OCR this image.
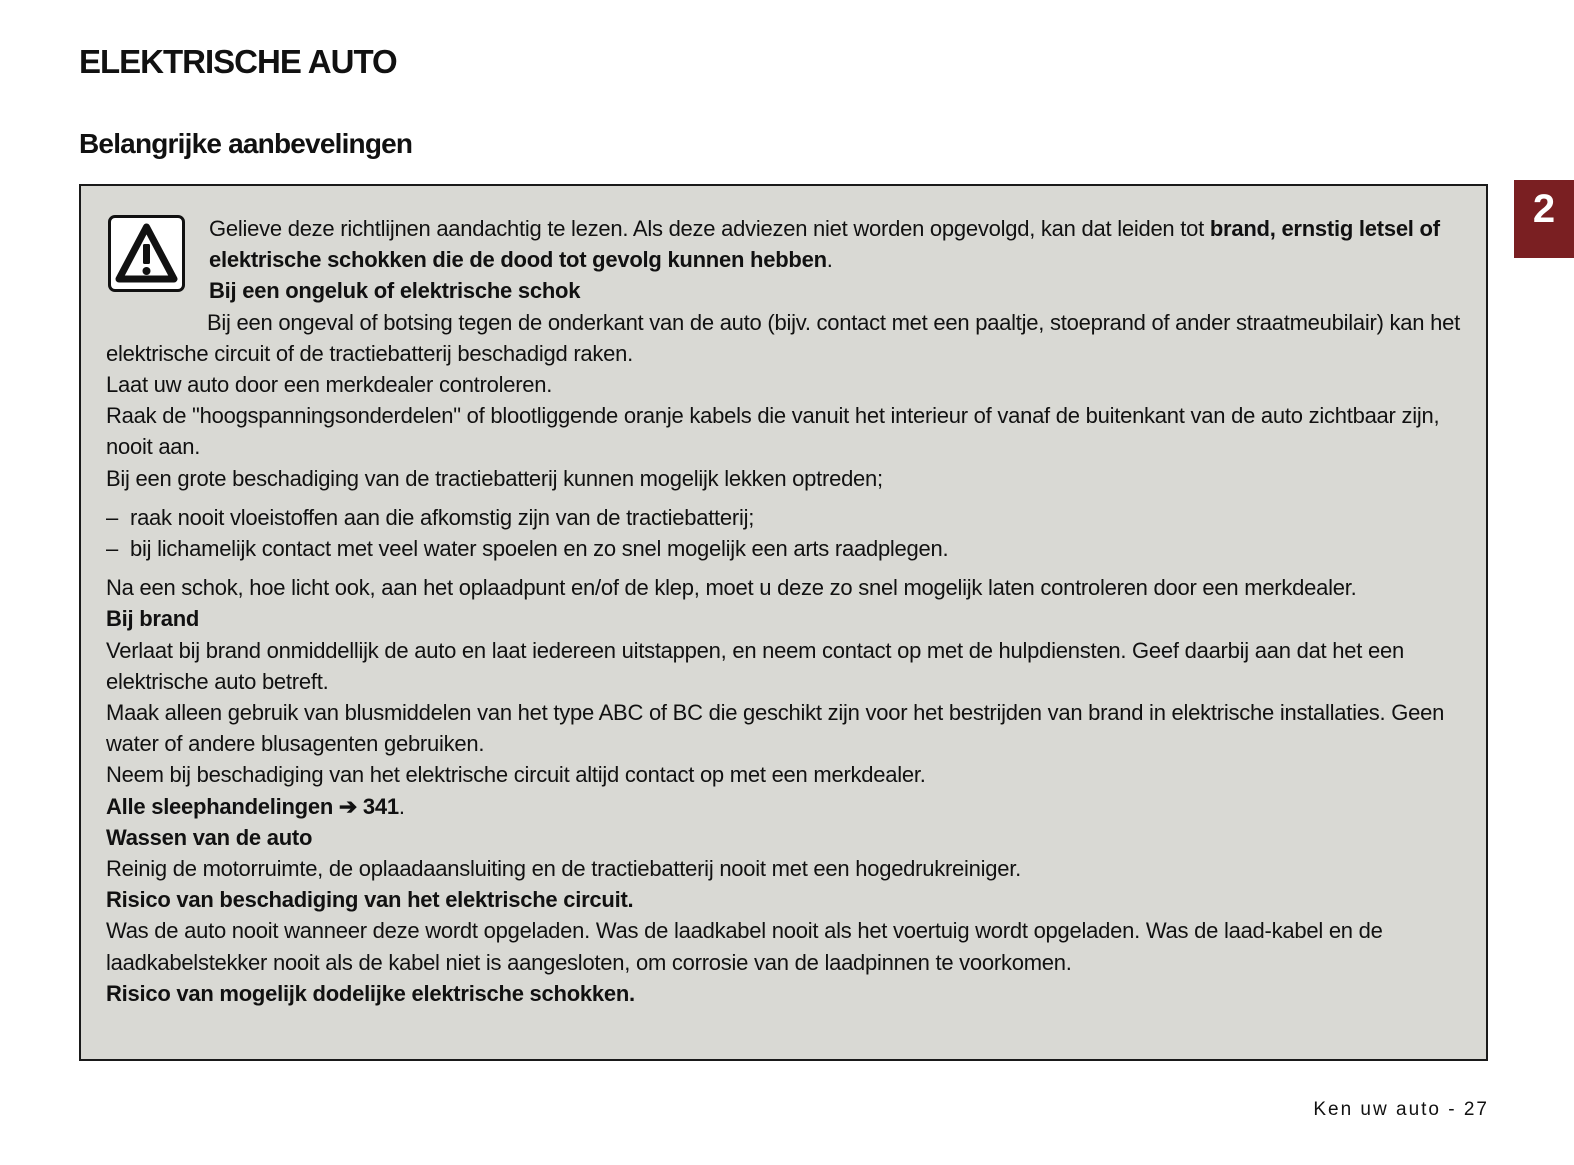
ELEKTRISCHE AUTO
Belangrijke aanbevelingen
2

Gelieve deze richtlijnen aandachtig te lezen. Als deze adviezen niet worden opgevolgd, kan dat leiden tot brand, ernstig letsel of elektrische schokken die de dood tot gevolg kunnen hebben.

Bij een ongeluk of elektrische schok

Bij een ongeval of botsing tegen de onderkant van de auto (bijv. contact met een paaltje, stoeprand of ander straatmeubilair) kan het elektrische circuit of de tractiebatterij beschadigd raken.

Laat uw auto door een merkdealer controleren.

Raak de "hoogspanningsonderdelen" of blootliggende oranje kabels die vanuit het interieur of vanaf de buitenkant van de auto zichtbaar zijn, nooit aan.

Bij een grote beschadiging van de tractiebatterij kunnen mogelijk lekken optreden;

– raak nooit vloeistoffen aan die afkomstig zijn van de tractiebatterij;
– bij lichamelijk contact met veel water spoelen en zo snel mogelijk een arts raadplegen.

Na een schok, hoe licht ook, aan het oplaadpunt en/of de klep, moet u deze zo snel mogelijk laten controleren door een merkdealer.

Bij brand

Verlaat bij brand onmiddellijk de auto en laat iedereen uitstappen, en neem contact op met de hulpdiensten. Geef daarbij aan dat het een elektrische auto betreft.

Maak alleen gebruik van blusmiddelen van het type ABC of BC die geschikt zijn voor het bestrijden van brand in elektrische installaties. Geen water of andere blusagenten gebruiken.

Neem bij beschadiging van het elektrische circuit altijd contact op met een merkdealer.

Alle sleephandelingen ➔ 341.

Wassen van de auto

Reinig de motorruimte, de oplaadaansluiting en de tractiebatterij nooit met een hogedrukreiniger.

Risico van beschadiging van het elektrische circuit.

Was de auto nooit wanneer deze wordt opgeladen. Was de laadkabel nooit als het voertuig wordt opgeladen. Was de laad-kabel en de laadkabelstekker nooit als de kabel niet is aangesloten, om corrosie van de laadpinnen te voorkomen.

Risico van mogelijk dodelijke elektrische schokken.

Ken uw auto - 27
